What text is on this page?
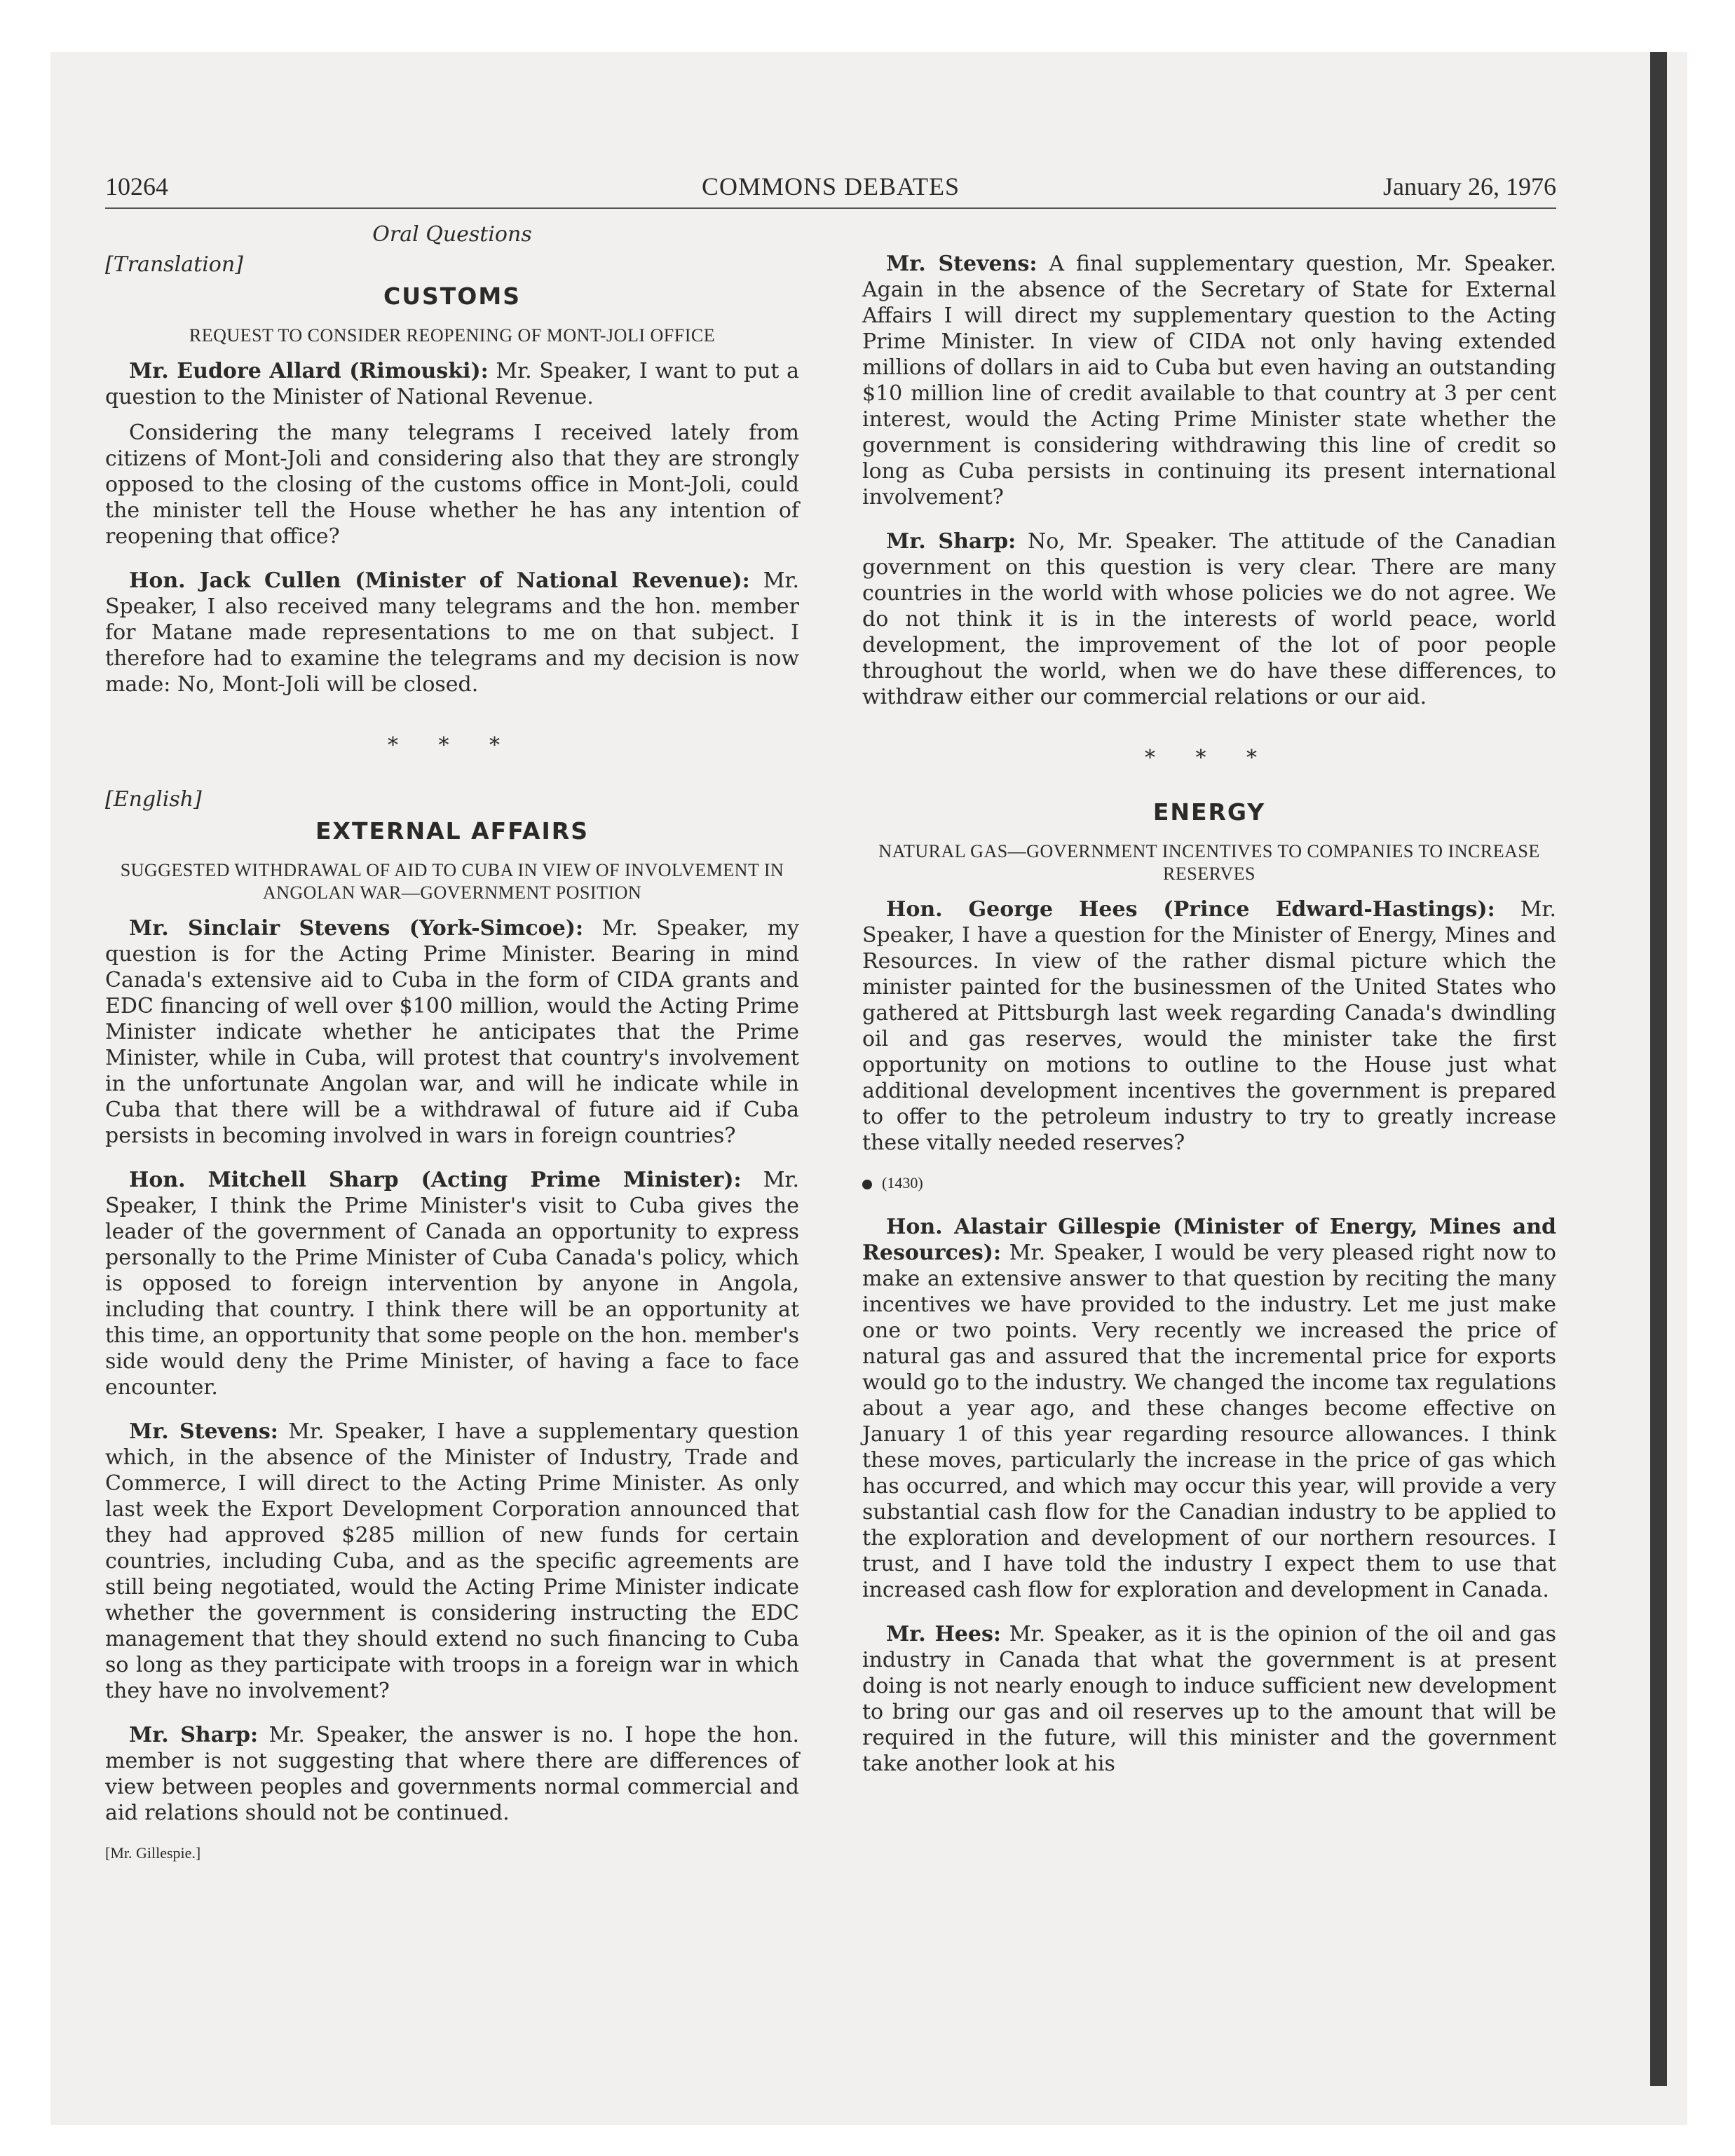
10264	COMMONS DEBATES	January 26, 1976
Oral Questions
[Translation]
CUSTOMS
REQUEST TO CONSIDER REOPENING OF MONT-JOLI OFFICE

Mr. Eudore Allard (Rimouski): Mr. Speaker, I want to put a question to the Minister of National Revenue.

Considering the many telegrams I received lately from citizens of Mont-Joli and considering also that they are strongly opposed to the closing of the customs office in Mont-Joli, could the minister tell the House whether he has any intention of reopening that office?

Hon. Jack Cullen (Minister of National Revenue): Mr. Speaker, I also received many telegrams and the hon. member for Matane made representations to me on that subject. I therefore had to examine the telegrams and my decision is now made: No, Mont-Joli will be closed.

* * *
[English]
EXTERNAL AFFAIRS
SUGGESTED WITHDRAWAL OF AID TO CUBA IN VIEW OF INVOLVEMENT IN ANGOLAN WAR—GOVERNMENT POSITION

Mr. Sinclair Stevens (York-Simcoe): Mr. Speaker, my question is for the Acting Prime Minister. Bearing in mind Canada's extensive aid to Cuba in the form of CIDA grants and EDC financing of well over $100 million, would the Acting Prime Minister indicate whether he anticipates that the Prime Minister, while in Cuba, will protest that country's involvement in the unfortunate Angolan war, and will he indicate while in Cuba that there will be a withdrawal of future aid if Cuba persists in becoming involved in wars in foreign countries?

Hon. Mitchell Sharp (Acting Prime Minister): Mr. Speaker, I think the Prime Minister's visit to Cuba gives the leader of the government of Canada an opportunity to express personally to the Prime Minister of Cuba Canada's policy, which is opposed to foreign intervention by anyone in Angola, including that country. I think there will be an opportunity at this time, an opportunity that some people on the hon. member's side would deny the Prime Minister, of having a face to face encounter.

Mr. Stevens: Mr. Speaker, I have a supplementary question which, in the absence of the Minister of Industry, Trade and Commerce, I will direct to the Acting Prime Minister. As only last week the Export Development Corporation announced that they had approved $285 million of new funds for certain countries, including Cuba, and as the specific agreements are still being negotiated, would the Acting Prime Minister indicate whether the government is considering instructing the EDC management that they should extend no such financing to Cuba so long as they participate with troops in a foreign war in which they have no involvement?

Mr. Sharp: Mr. Speaker, the answer is no. I hope the hon. member is not suggesting that where there are differences of view between peoples and governments normal commercial and aid relations should not be continued.

[Mr. Gillespie.]

Mr. Stevens: A final supplementary question, Mr. Speaker. Again in the absence of the Secretary of State for External Affairs I will direct my supplementary question to the Acting Prime Minister. In view of CIDA not only having extended millions of dollars in aid to Cuba but even having an outstanding $10 million line of credit available to that country at 3 per cent interest, would the Acting Prime Minister state whether the government is considering withdrawing this line of credit so long as Cuba persists in continuing its present international involvement?

Mr. Sharp: No, Mr. Speaker. The attitude of the Canadian government on this question is very clear. There are many countries in the world with whose policies we do not agree. We do not think it is in the interests of world peace, world development, the improvement of the lot of poor people throughout the world, when we do have these differences, to withdraw either our commercial relations or our aid.

* * *
ENERGY
NATURAL GAS—GOVERNMENT INCENTIVES TO COMPANIES TO INCREASE RESERVES

Hon. George Hees (Prince Edward-Hastings): Mr. Speaker, I have a question for the Minister of Energy, Mines and Resources. In view of the rather dismal picture which the minister painted for the businessmen of the United States who gathered at Pittsburgh last week regarding Canada's dwindling oil and gas reserves, would the minister take the first opportunity on motions to outline to the House just what additional development incentives the government is prepared to offer to the petroleum industry to try to greatly increase these vitally needed reserves?

(1430)

Hon. Alastair Gillespie (Minister of Energy, Mines and Resources): Mr. Speaker, I would be very pleased right now to make an extensive answer to that question by reciting the many incentives we have provided to the industry. Let me just make one or two points. Very recently we increased the price of natural gas and assured that the incremental price for exports would go to the industry. We changed the income tax regulations about a year ago, and these changes become effective on January 1 of this year regarding resource allowances. I think these moves, particularly the increase in the price of gas which has occurred, and which may occur this year, will provide a very substantial cash flow for the Canadian industry to be applied to the exploration and development of our northern resources. I trust, and I have told the industry I expect them to use that increased cash flow for exploration and development in Canada.

Mr. Hees: Mr. Speaker, as it is the opinion of the oil and gas industry in Canada that what the government is at present doing is not nearly enough to induce sufficient new development to bring our gas and oil reserves up to the amount that will be required in the future, will this minister and the government take another look at his
